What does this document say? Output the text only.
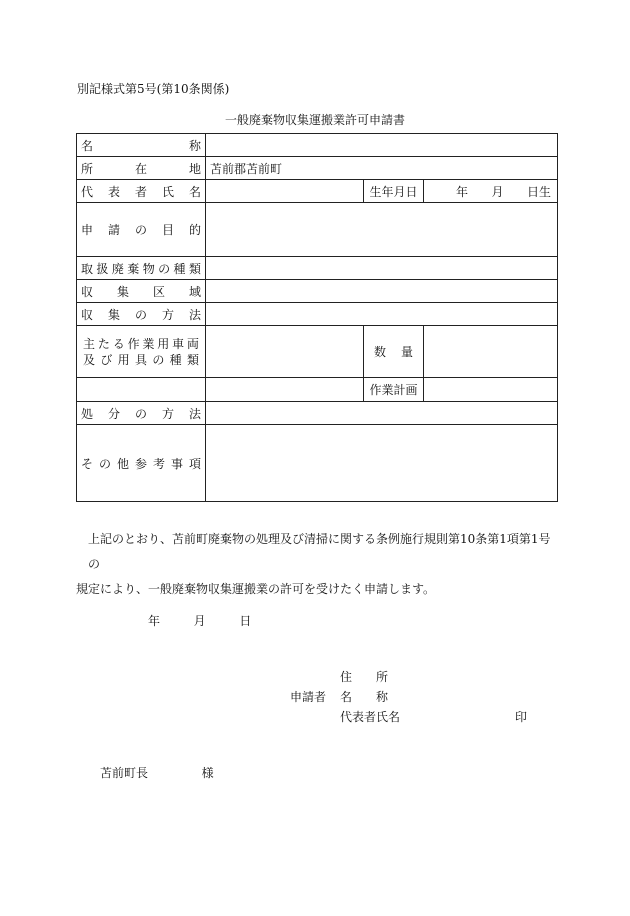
別記様式第5号(第10条関係)
一般廃棄物収集運搬業許可申請書
名称			
所在地	苫前郡苫前町		
代表者氏名		生年月日	年 月 日生

申請の目的			
取扱廃棄物の種類			
収集区域			
収集の方法			

主たる作業用車両
及び用具の種類		数量	
		作業計画	
処分の方法			
その他参考事項			
上記のとおり、苫前町廃棄物の処理及び清掃に関する条例施行規則第10条第1項第1号の
規定により、一般廃棄物収集運搬業の許可を受けたく申請します。
年	月	日
住　　所
申請者 名　　称
代表者氏名	印
苫前町長	様
